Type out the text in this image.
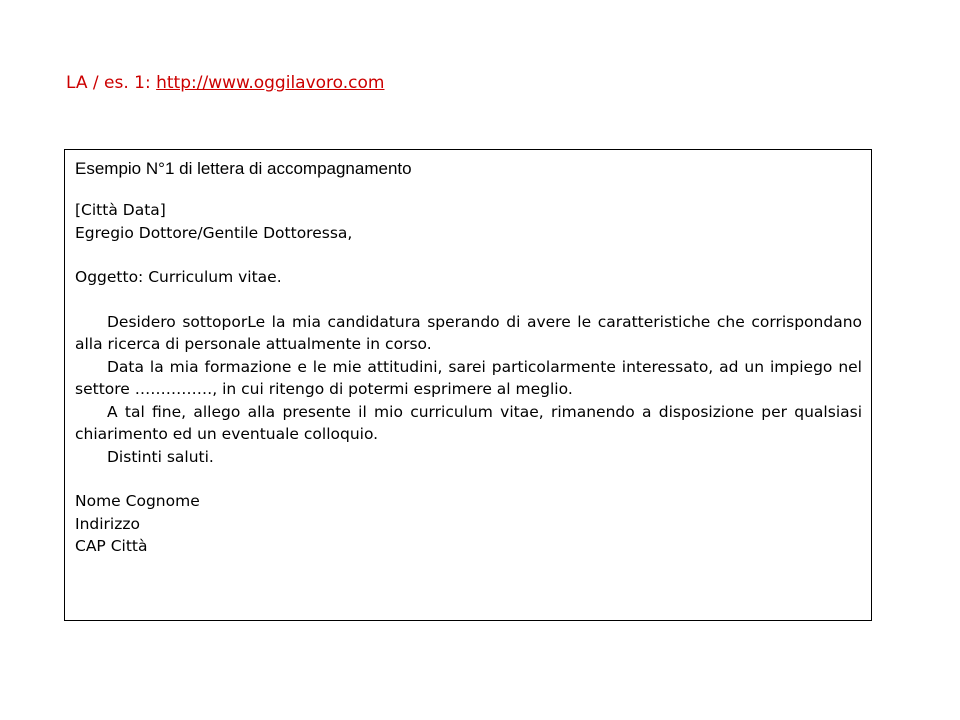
LA / es. 1: http://www.oggilavoro.com

Esempio N°1 di lettera di accompagnamento

[Città Data]

Egregio Dottore/Gentile Dottoressa,

Oggetto: Curriculum vitae.

Desidero sottoporLe la mia candidatura sperando di avere le caratteristiche che corrispondano alla ricerca di personale attualmente in corso.

Data la mia formazione e le mie attitudini, sarei particolarmente interessato, ad un impiego nel settore ……………, in cui ritengo di potermi esprimere al meglio.

A tal fine, allego alla presente il mio curriculum vitae, rimanendo a disposizione per qualsiasi chiarimento ed un eventuale colloquio.

Distinti saluti.

Nome Cognome

Indirizzo

CAP Città
